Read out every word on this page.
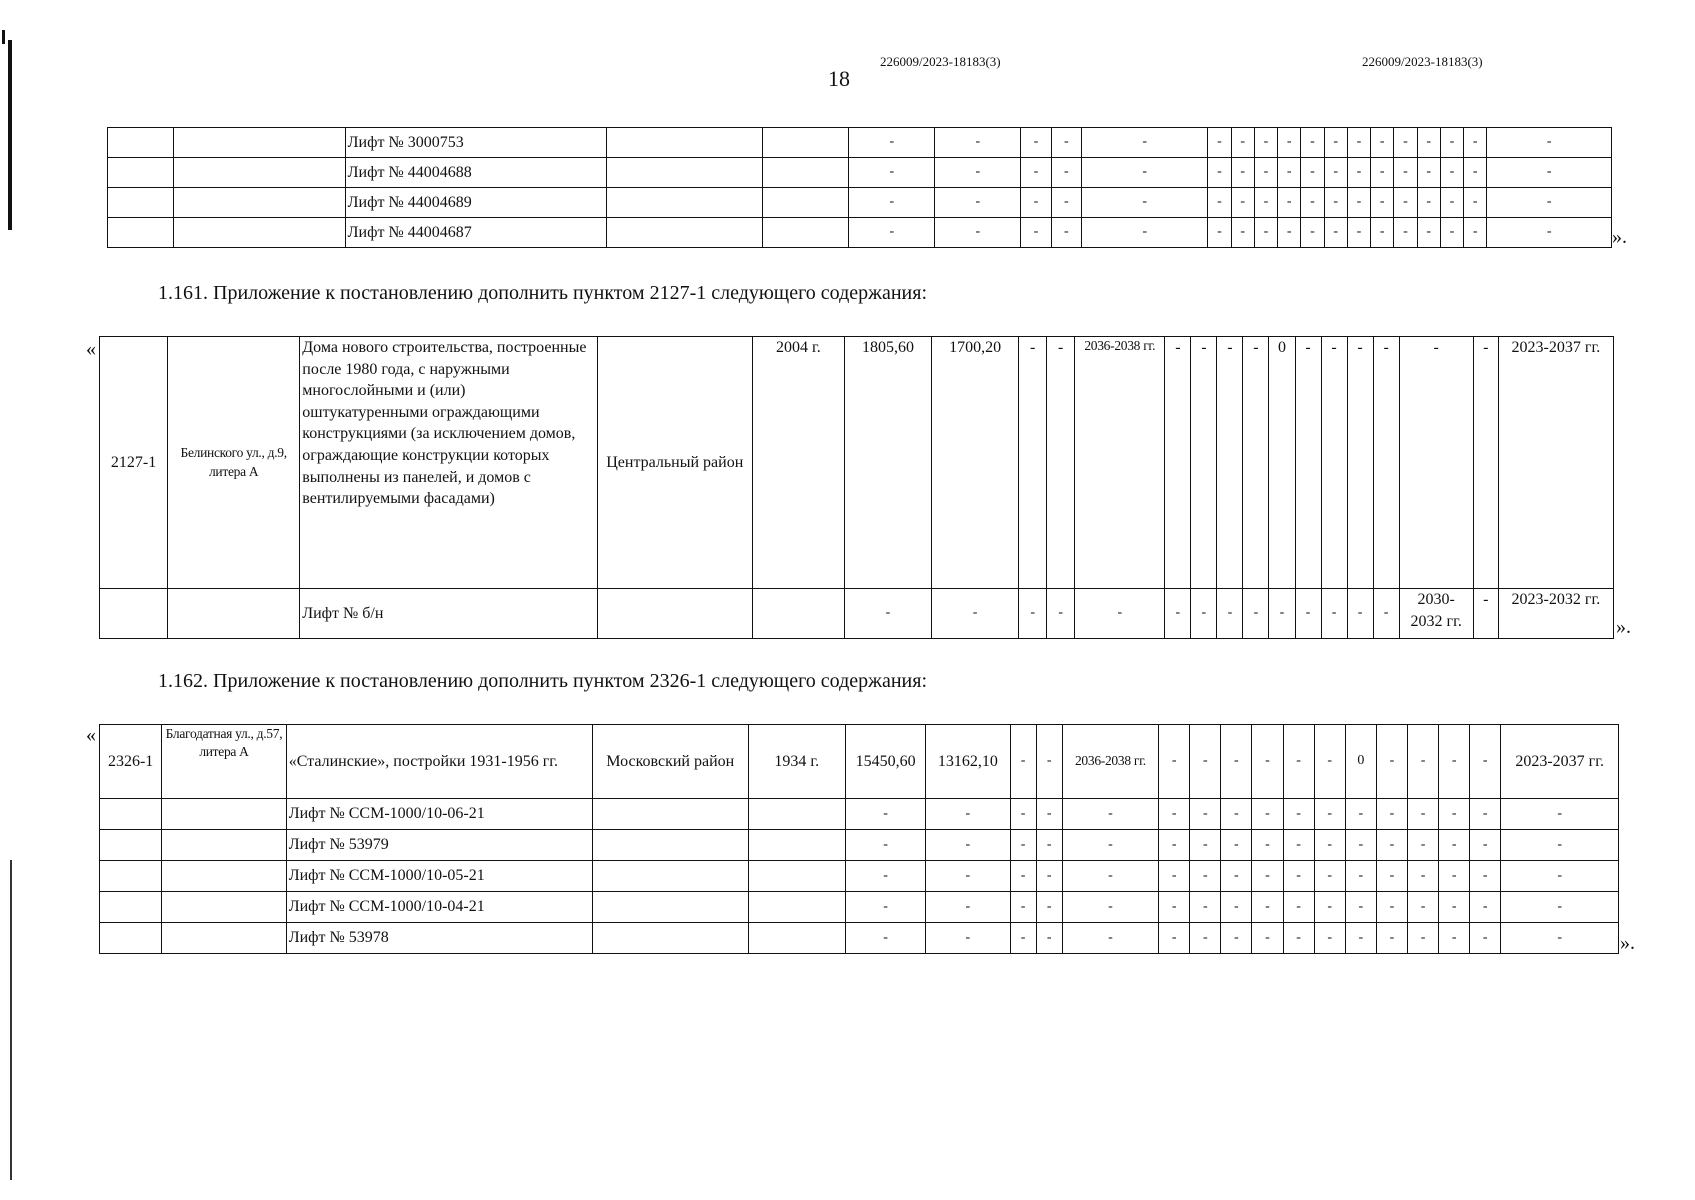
226009/2023-18183(3)	226009/2023-18183(3)
18
		Лифт № 3000753			-	-	-	-	-	-	-	-	-	-	-	-	-	-	-	-	-	-
		Лифт № 44004688			-	-	-	-	-	-	-	-	-	-	-	-	-	-	-	-	-	-
		Лифт № 44004689			-	-	-	-	-	-	-	-	-	-	-	-	-	-	-	-	-	-
		Лифт № 44004687			-	-	-	-	-	-	-	-	-	-	-	-	-	-	-	-	-	-	».
1.161. Приложение к постановлению дополнить пунктом 2127-1 следующего содержания:
«
2127-1	Белинского ул., д.9, литера А	Дома нового строительства, построенные после 1980 года, с наружными многослойными и (или) оштукатуренными ограждающими конструкциями (за исключением домов, ограждающие конструкции которых выполнены из панелей, и домов с вентилируемыми фасадами)	Центральный район	2004 г.	1805,60	1700,20	-	-	2036-2038 гг.	-	-	-	-	0	-	-	-	-	-	-	2023-2037 гг.
		Лифт № б/н			-	-	-	-	-	-	-	-	-	-	-	-	-	-	2030-2032 гг.	-	2023-2032 гг.
».
1.162. Приложение к постановлению дополнить пунктом 2326-1 следующего содержания:
«
2326-1	Благодатная ул., д.57, литера А	«Сталинские», постройки 1931-1956 гг.	Московский район	1934 г.	15450,60	13162,10	-	-	2036-2038 гг.	-	-	-	-	-	-	0	-	-	-	-	2023-2037 гг.
		Лифт № ССМ-1000/10-06-21			-	-	-	-	-	-	-	-	-	-	-	-	-	-	-	-	-
		Лифт № 53979			-	-	-	-	-	-	-	-	-	-	-	-	-	-	-	-	-
		Лифт № ССМ-1000/10-05-21			-	-	-	-	-	-	-	-	-	-	-	-	-	-	-	-	-
		Лифт № ССМ-1000/10-04-21			-	-	-	-	-	-	-	-	-	-	-	-	-	-	-	-	-
		Лифт № 53978			-	-	-	-	-	-	-	-	-	-	-	-	-	-	-	-	-	».
